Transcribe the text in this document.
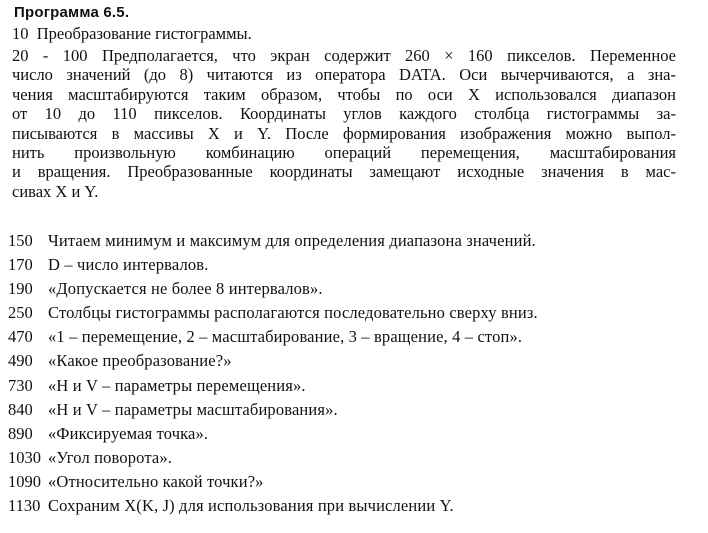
Программа 6.5.
10 Преобразование гистограммы.
20 - 100 Предполагается, что экран содержит 260 × 160 пикселов. Переменное
число значений (до 8) читаются из оператора DATA. Оси вычерчиваются, а зна-
чения масштабируются таким образом, чтобы по оси X использовался диапазон
от 10 до 110 пикселов. Координаты углов каждого столбца гистограммы за-
писываются в массивы X и Y. После формирования изображения можно выпол-
нить произвольную комбинацию операций перемещения, масштабирования
и вращения. Преобразованные координаты замещают исходные значения в мас-
сивах X и Y.
150 Читаем минимум и максимум для определения диапазона значений.
170 D – число интервалов.
190 «Допускается не более 8 интервалов».
250 Столбцы гистограммы располагаются последовательно сверху вниз.
470 «1 – перемещение, 2 – масштабирование, 3 – вращение, 4 – стоп».
490 «Какое преобразование?»
730 «H и V – параметры перемещения».
840 «H и V – параметры масштабирования».
890 «Фиксируемая точка».
1030 «Угол поворота».
1090 «Относительно какой точки?»
1130 Сохраним X(K, J) для использования при вычислении Y.
